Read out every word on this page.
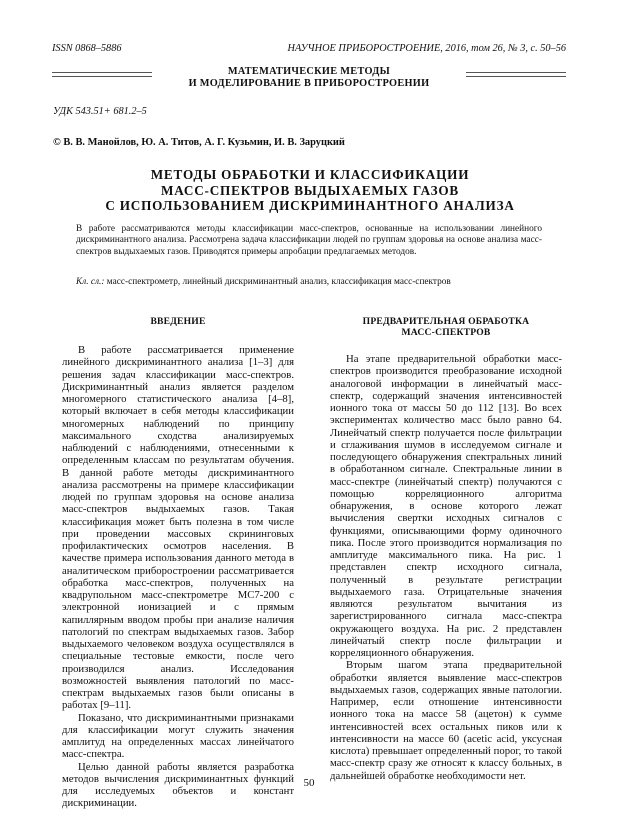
ISSN 0868–5886	НАУЧНОЕ ПРИБОРОСТРОЕНИЕ, 2016, том 26, № 3, с. 50–56
МАТЕМАТИЧЕСКИЕ МЕТОДЫ
И МОДЕЛИРОВАНИЕ В ПРИБОРОСТРОЕНИИ
УДК 543.51+ 681.2–5
© В. В. Манойлов, Ю. А. Титов, А. Г. Кузьмин, И. В. Заруцкий
МЕТОДЫ ОБРАБОТКИ И КЛАССИФИКАЦИИ
МАСС-СПЕКТРОВ ВЫДЫХАЕМЫХ ГАЗОВ
С ИСПОЛЬЗОВАНИЕМ ДИСКРИМИНАНТНОГО АНАЛИЗА
В работе рассматриваются методы классификации масс-спектров, основанные на использовании линейного дискриминантного анализа. Рассмотрена задача классификации людей по группам здоровья на основе анализа масс-спектров выдыхаемых газов. Приводятся примеры апробации предлагаемых методов.
Кл. сл.: масс-спектрометр, линейный дискриминантный анализ, классификация масс-спектров
ВВЕДЕНИЕ

В работе рассматривается применение линейного дискриминантного анализа [1–3] для решения задач классификации масс-спектров. Дискриминантный анализ является разделом многомерного статистического анализа [4–8], который включает в себя методы классификации многомерных наблюдений по принципу максимального сходства анализируемых наблюдений с наблюдениями, отнесенными к определенным классам по результатам обучения. В данной работе методы дискриминантного анализа рассмотрены на примере классификации людей по группам здоровья на основе анализа масс-спектров выдыхаемых газов. Такая классификация может быть полезна в том числе при проведении массовых скрининговых профилактических осмотров населения. В качестве примера использования данного метода в аналитическом приборостроении рассматривается обработка масс-спектров, полученных на квадрупольном масс-спектрометре МС7-200 с электронной ионизацией и с прямым капиллярным вводом пробы при анализе наличия патологий по спектрам выдыхаемых газов. Забор выдыхаемого человеком воздуха осуществлялся в специальные тестовые емкости, после чего производился анализ. Исследования возможностей выявления патологий по масс-спектрам выдыхаемых газов были описаны в работах [9–11].

Показано, что дискриминантными признаками для классификации могут служить значения амплитуд на определенных массах линейчатого масс-спектра.

Целью данной работы является разработка методов вычисления дискриминантных функций для исследуемых объектов и констант дискриминации.

ПРЕДВАРИТЕЛЬНАЯ ОБРАБОТКА
МАСС-СПЕКТРОВ

На этапе предварительной обработки масс-спектров производится преобразование исходной аналоговой информации в линейчатый масс-спектр, содержащий значения интенсивностей ионного тока от массы 50 до 112 [13]. Во всех экспериментах количество масс было равно 64. Линейчатый спектр получается после фильтрации и сглаживания шумов в исследуемом сигнале и последующего обнаружения спектральных линий в обработанном сигнале. Спектральные линии в масс-спектре (линейчатый спектр) получаются с помощью корреляционного алгоритма обнаружения, в основе которого лежат вычисления свертки исходных сигналов с функциями, описывающими форму одиночного пика. После этого производится нормализация по амплитуде максимального пика. На рис. 1 представлен спектр исходного сигнала, полученный в результате регистрации выдыхаемого газа. Отрицательные значения являются результатом вычитания из зарегистрированного сигнала масс-спектра окружающего воздуха. На рис. 2 представлен линейчатый спектр после фильтрации и корреляционного обнаружения.

Вторым шагом этапа предварительной обработки является выявление масс-спектров выдыхаемых газов, содержащих явные патологии. Например, если отношение интенсивности ионного тока на массе 58 (ацетон) к сумме интенсивностей всех остальных пиков или к интенсивности на массе 60 (acetic acid, уксусная кислота) превышает определенный порог, то такой масс-спектр сразу же относят к классу больных, в дальнейшей обработке необходимости нет.

50
